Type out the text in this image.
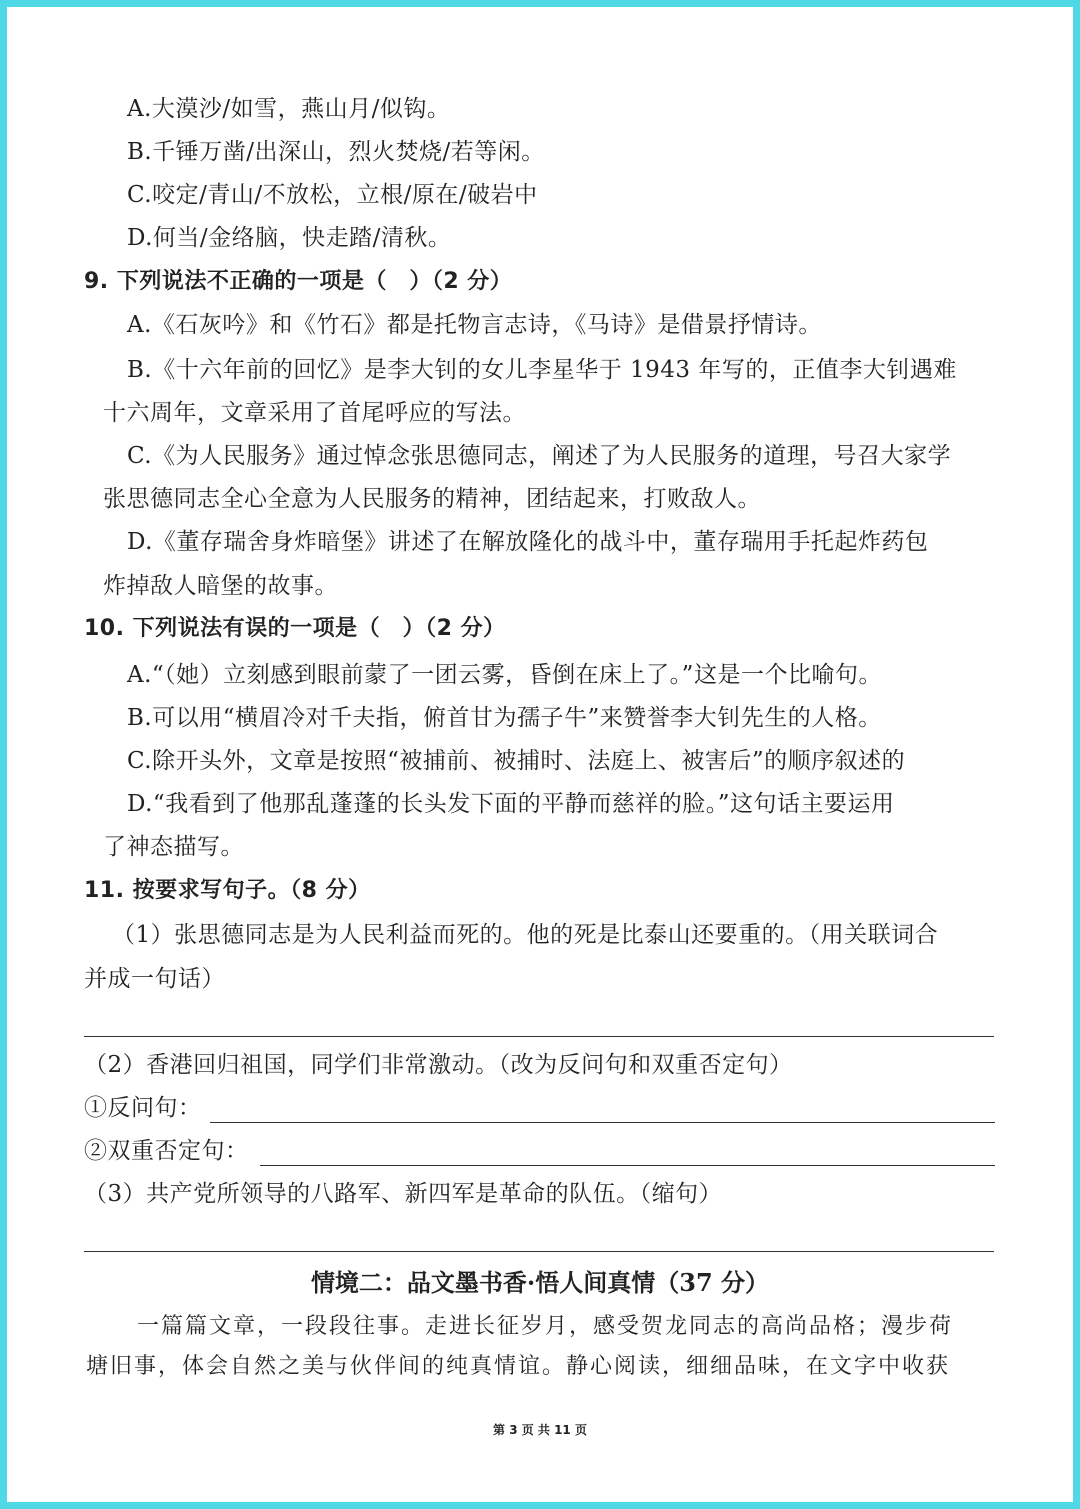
A.大漠沙/如雪，燕山月/似钩。
B.千锤万凿/出深山，烈火焚烧/若等闲。
C.咬定/青山/不放松，立根/原在/破岩中
D.何当/金络脑，快走踏/清秋。
9. 下列说法不正确的一项是（　）（2 分）
A.《石灰吟》和《竹石》都是托物言志诗，《马诗》是借景抒情诗。
B.《十六年前的回忆》是李大钊的女儿李星华于 1943 年写的，正值李大钊遇难
十六周年，文章采用了首尾呼应的写法。
C.《为人民服务》通过悼念张思德同志，阐述了为人民服务的道理，号召大家学
张思德同志全心全意为人民服务的精神，团结起来，打败敌人。
D.《董存瑞舍身炸暗堡》讲述了在解放隆化的战斗中，董存瑞用手托起炸药包
炸掉敌人暗堡的故事。
10. 下列说法有误的一项是（　）（2 分）
A.“（她）立刻感到眼前蒙了一团云雾，昏倒在床上了。”这是一个比喻句。
B.可以用“横眉冷对千夫指，俯首甘为孺子牛”来赞誉李大钊先生的人格。
C.除开头外，文章是按照“被捕前、被捕时、法庭上、被害后”的顺序叙述的
D.“我看到了他那乱蓬蓬的长头发下面的平静而慈祥的脸。”这句话主要运用
了神态描写。
11. 按要求写句子。（8 分）
（1）张思德同志是为人民利益而死的。他的死是比泰山还要重的。（用关联词合
并成一句话）
（2）香港回归祖国，同学们非常激动。（改为反问句和双重否定句）
①反问句：
②双重否定句：
（3）共产党所领导的八路军、新四军是革命的队伍。（缩句）
情境二：品文墨书香·悟人间真情（37 分）
一篇篇文章，一段段往事。走进长征岁月，感受贺龙同志的高尚品格；漫步荷
塘旧事，体会自然之美与伙伴间的纯真情谊。静心阅读，细细品味，在文字中收获
第 3 页 共 11 页
